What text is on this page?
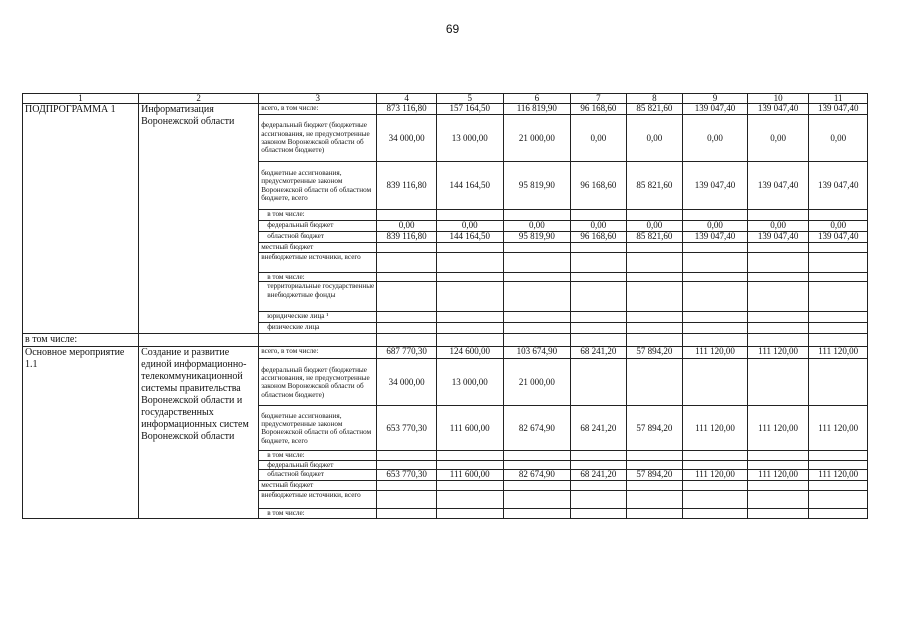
69
1	2	3	4	5	6	7	8	9	10	11
ПОДПРОГРАММА 1	Информатизация Воронежской области	всего, в том числе:	873 116,80	157 164,50	116 819,90	96 168,60	85 821,60	139 047,40	139 047,40	139 047,40
		федеральный бюджет (бюджетные ассигнования, не предусмотренные законом Воронежской области об областном бюджете)	34 000,00	13 000,00	21 000,00	0,00	0,00	0,00	0,00	0,00
		бюджетные ассигнования, предусмотренные законом Воронежской области об областном бюджете, всего	839 116,80	144 164,50	95 819,90	96 168,60	85 821,60	139 047,40	139 047,40	139 047,40
		в том числе:								
		федеральный бюджет	0,00	0,00	0,00	0,00	0,00	0,00	0,00	0,00
		областной бюджет	839 116,80	144 164,50	95 819,90	96 168,60	85 821,60	139 047,40	139 047,40	139 047,40
		местный бюджет								
		внебюджетные источники, всего								
		в том числе:								
		территориальные государственные внебюджетные фонды								
		юридические лица ¹								
		физические лица								
в том числе:										
Основное мероприятие 1.1	Создание и развитие единой информационно-телекоммуникационной системы правительства Воронежской области и государственных информационных систем Воронежской области	всего, в том числе:	687 770,30	124 600,00	103 674,90	68 241,20	57 894,20	111 120,00	111 120,00	111 120,00
		федеральный бюджет (бюджетные ассигнования, не предусмотренные законом Воронежской области об областном бюджете)	34 000,00	13 000,00	21 000,00					
		бюджетные ассигнования, предусмотренные законом Воронежской области об областном бюджете, всего	653 770,30	111 600,00	82 674,90	68 241,20	57 894,20	111 120,00	111 120,00	111 120,00
		в том числе:								
		федеральный бюджет								
		областной бюджет	653 770,30	111 600,00	82 674,90	68 241,20	57 894,20	111 120,00	111 120,00	111 120,00
		местный бюджет								
		внебюджетные источники, всего								
		в том числе:								
